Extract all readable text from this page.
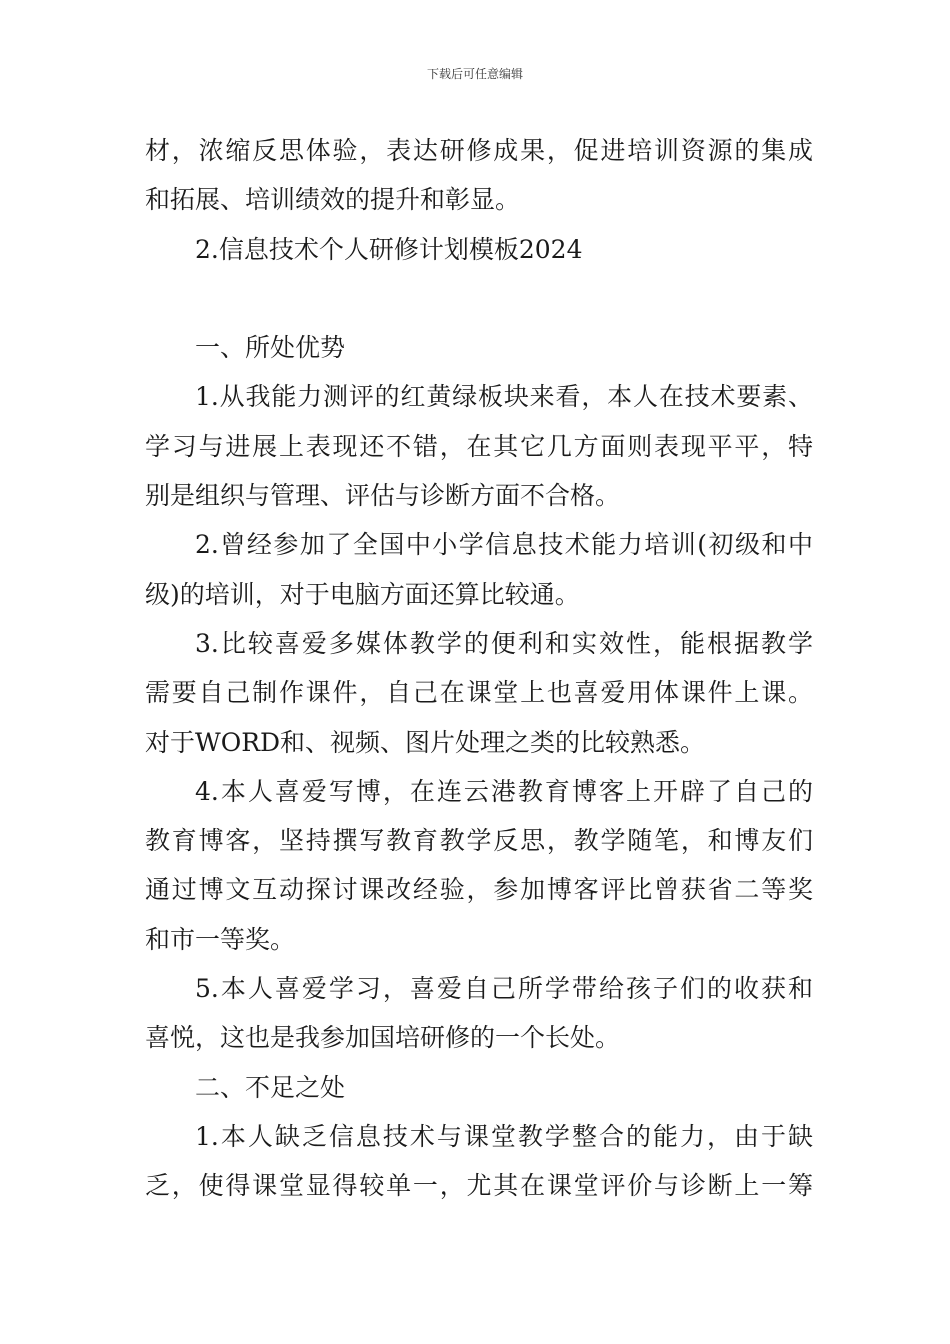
下载后可任意编辑
材，浓缩反思体验，表达研修成果，促进培训资源的集成
和拓展、培训绩效的提升和彰显。
2.信息技术个人研修计划模板2024
一、所处优势
1.从我能力测评的红黄绿板块来看，本人在技术要素、
学习与进展上表现还不错，在其它几方面则表现平平，特
别是组织与管理、评估与诊断方面不合格。
2.曾经参加了全国中小学信息技术能力培训(初级和中
级)的培训，对于电脑方面还算比较通。
3.比较喜爱多媒体教学的便利和实效性，能根据教学
需要自己制作课件，自己在课堂上也喜爱用体课件上课。
对于WORD和、视频、图片处理之类的比较熟悉。
4.本人喜爱写博，在连云港教育博客上开辟了自己的
教育博客，坚持撰写教育教学反思，教学随笔，和博友们
通过博文互动探讨课改经验，参加博客评比曾获省二等奖
和市一等奖。
5.本人喜爱学习，喜爱自己所学带给孩子们的收获和
喜悦，这也是我参加国培研修的一个长处。
二、不足之处
1.本人缺乏信息技术与课堂教学整合的能力，由于缺
乏，使得课堂显得较单一，尤其在课堂评价与诊断上一筹
